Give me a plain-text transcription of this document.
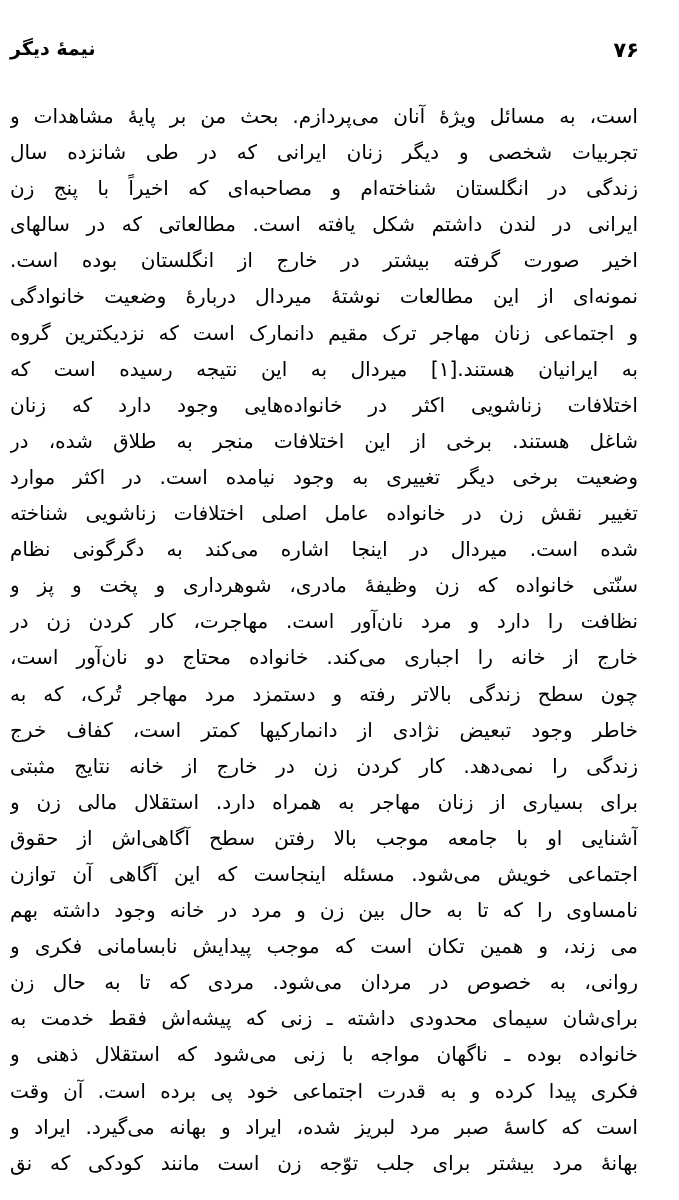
نیمهٔ دیگر	۷۶
است، به مسائل ویژهٔ آنان می‌پردازم. بحث من بر پایهٔ مشاهدات و
تجربیات شخصی و دیگر زنان ایرانی که در طی شانزده سال
زندگی در انگلستان شناخته‌ام و مصاحبه‌ای که اخیراً با پنج زن
ایرانی در لندن داشتم شکل یافته است. مطالعاتی که در سالهای
اخیر صورت گرفته بیشتر در خارج از انگلستان بوده است.
نمونه‌ای از این مطالعات نوشتهٔ میردال دربارهٔ وضعیت خانوادگی
و اجتماعی زنان مهاجر ترک مقیم دانمارک است که نزدیکترین گروه
به ایرانیان هستند.[۱] میردال به این نتیجه رسیده است که
اختلافات زناشویی اکثر در خانواده‌هایی وجود دارد که زنان
شاغل هستند. برخی از این اختلافات منجر به طلاق شده، در
وضعیت برخی دیگر تغییری به وجود نیامده است. در اکثر موارد
تغییر نقش زن در خانواده عامل اصلی اختلافات زناشویی شناخته
شده است. میردال در اینجا اشاره می‌کند به دگرگونی نظام
سنّتی خانواده که زن وظیفهٔ مادری، شوهرداری و پخت و پز و
نظافت را دارد و مرد نان‌آور است. مهاجرت، کار کردن زن در
خارج از خانه را اجباری می‌کند. خانواده محتاج دو نان‌آور است،
چون سطح زندگی بالاتر رفته و دستمزد مرد مهاجر تُرک، که به
خاطر وجود تبعیض نژادی از دانمارکیها کمتر است، کفاف خرج
زندگی را نمی‌دهد. کار کردن زن در خارج از خانه نتایج مثبتی
برای بسیاری از زنان مهاجر به همراه دارد. استقلال مالی زن و
آشنایی او با جامعه موجب بالا رفتن سطح آگاهی‌اش از حقوق
اجتماعی خویش می‌شود. مسئله اینجاست که این آگاهی آن توازن
نامساوی را که تا به حال بین زن و مرد در خانه وجود داشته بهم
می زند، و همین تکان است که موجب پیدایش نابسامانی فکری و
روانی، به خصوص در مردان می‌شود. مردی که تا به حال زن
برای‌شان سیمای محدودی داشته ـ زنی که پیشه‌اش فقط خدمت به
خانواده بوده ـ ناگهان مواجه با زنی می‌شود که استقلال ذهنی و
فکری پیدا کرده و به قدرت اجتماعی خود پی برده است. آن وقت
است که کاسهٔ صبر مرد لبریز شده، ایراد و بهانه می‌گیرد. ایراد و
بهانهٔ مرد بیشتر برای جلب توّجه زن است مانند کودکی که نق
